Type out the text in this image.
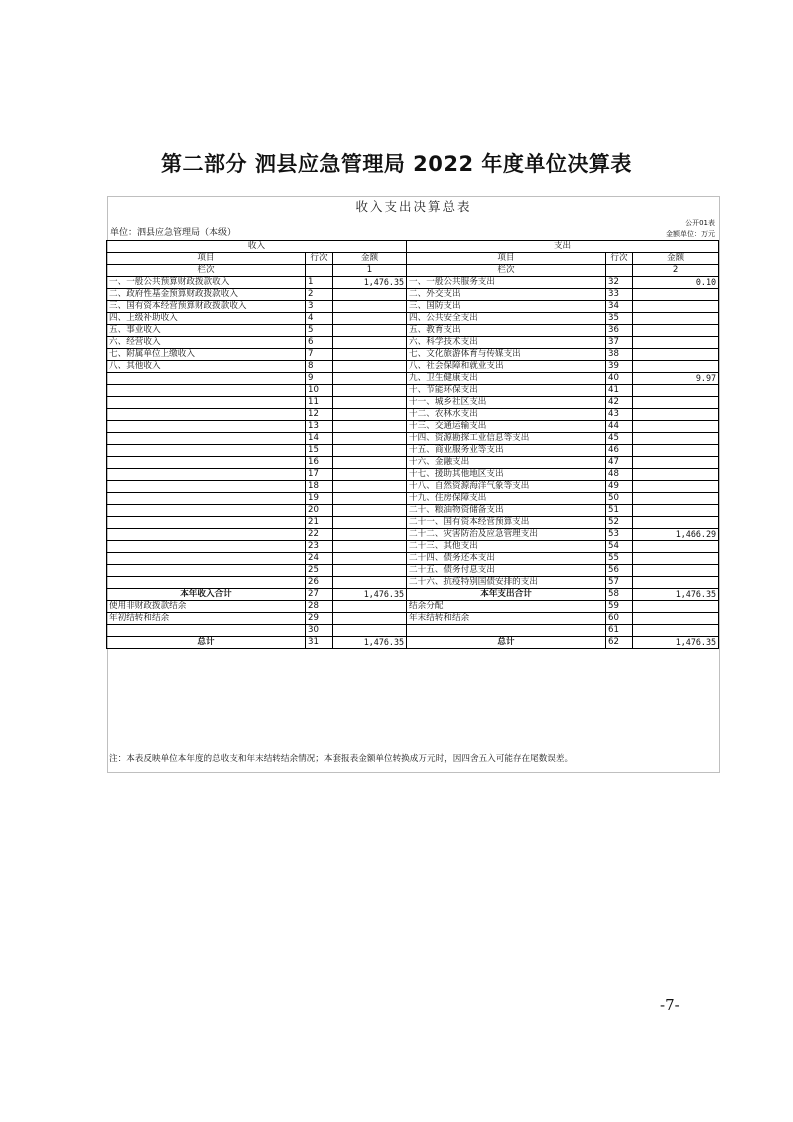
第二部分 泗县应急管理局 2022 年度单位决算表
收入支出决算总表
公开01表
单位：泗县应急管理局（本级）	金额单位：万元
收入			支出		
项目	行次	金额	项目	行次	金额
栏次		1	栏次		2
一、一般公共预算财政拨款收入	1	1,476.35	一、一般公共服务支出	32	0.10
二、政府性基金预算财政拨款收入	2		二、外交支出	33	
三、国有资本经营预算财政拨款收入	3		三、国防支出	34	
四、上级补助收入	4		四、公共安全支出	35	
五、事业收入	5		五、教育支出	36	
六、经营收入	6		六、科学技术支出	37	
七、附属单位上缴收入	7		七、文化旅游体育与传媒支出	38	
八、其他收入	8		八、社会保障和就业支出	39	
	9		九、卫生健康支出	40	9.97
	10		十、节能环保支出	41	
	11		十一、城乡社区支出	42	
	12		十二、农林水支出	43	
	13		十三、交通运输支出	44	
	14		十四、资源勘探工业信息等支出	45	
	15		十五、商业服务业等支出	46	
	16		十六、金融支出	47	
	17		十七、援助其他地区支出	48	
	18		十八、自然资源海洋气象等支出	49	
	19		十九、住房保障支出	50	
	20		二十、粮油物资储备支出	51	
	21		二十一、国有资本经营预算支出	52	
	22		二十二、灾害防治及应急管理支出	53	1,466.29
	23		二十三、其他支出	54	
	24		二十四、债务还本支出	55	
	25		二十五、债务付息支出	56	
	26		二十六、抗疫特别国债安排的支出	57	
本年收入合计	27	1,476.35	本年支出合计	58	1,476.35
使用非财政拨款结余	28		结余分配	59	
年初结转和结余	29		年末结转和结余	60	
	30			61	
总计	31	1,476.35	总计	62	1,476.35
注：本表反映单位本年度的总收支和年末结转结余情况；本套报表金额单位转换成万元时，因四舍五入可能存在尾数误差。
-7-
